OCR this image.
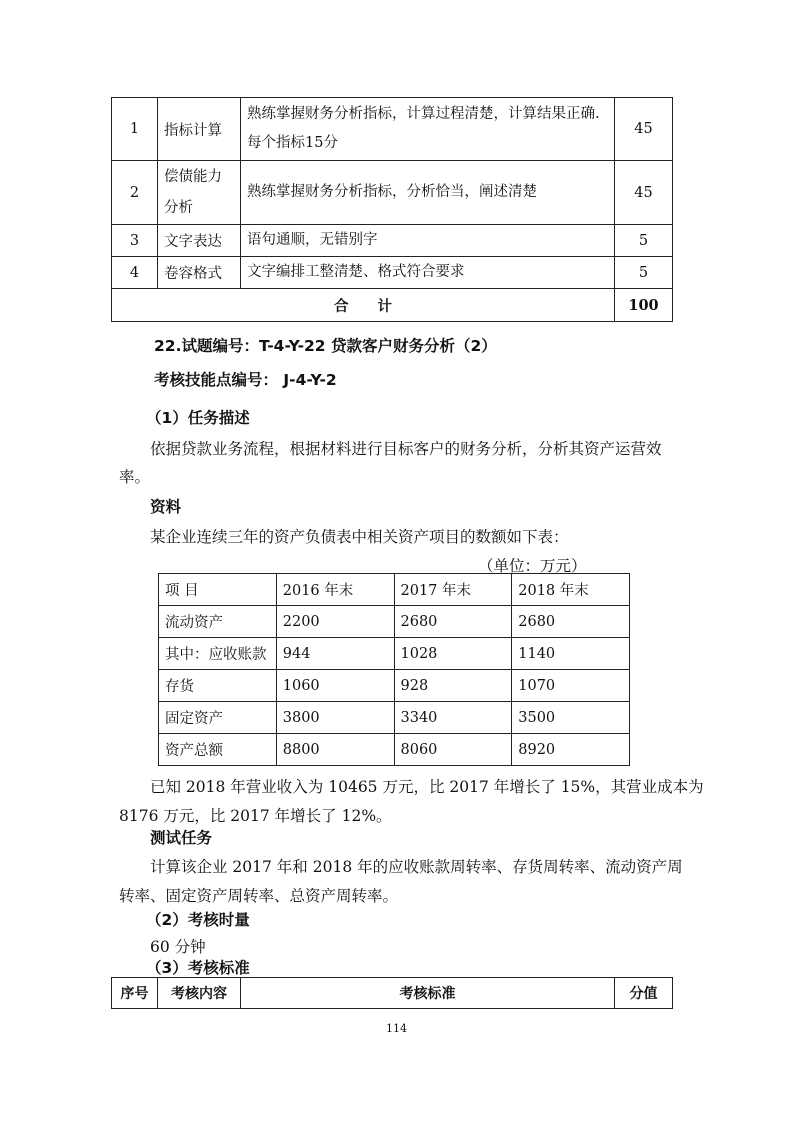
1	指标计算	熟练掌握财务分析指标，计算过程清楚，计算结果正确.每个指标15分	45
2	偿债能力分析	熟练掌握财务分析指标，分析恰当，阐述清楚	45
3	文字表达	语句通顺，无错别字	5
4	卷容格式	文字编排工整清楚、格式符合要求	5
合　　计			100
22.试题编号：T-4-Y-22 贷款客户财务分析（2）
考核技能点编号： J-4-Y-2
（1）任务描述
依据贷款业务流程，根据材料进行目标客户的财务分析，分析其资产运营效
率。
资料
某企业连续三年的资产负债表中相关资产项目的数额如下表：
（单位：万元）
项 目	2016 年末	2017 年末	2018 年末
流动资产	2200	2680	2680
其中：应收账款	944	1028	1140
存货	1060	928	1070
固定资产	3800	3340	3500
资产总额	8800	8060	8920
已知 2018 年营业收入为 10465 万元，比 2017 年增长了 15%，其营业成本为
8176 万元，比 2017 年增长了 12%。
测试任务
计算该企业 2017 年和 2018 年的应收账款周转率、存货周转率、流动资产周
转率、固定资产周转率、总资产周转率。
（2）考核时量
60 分钟
（3）考核标准
序号	考核内容	考核标准	分值
114
